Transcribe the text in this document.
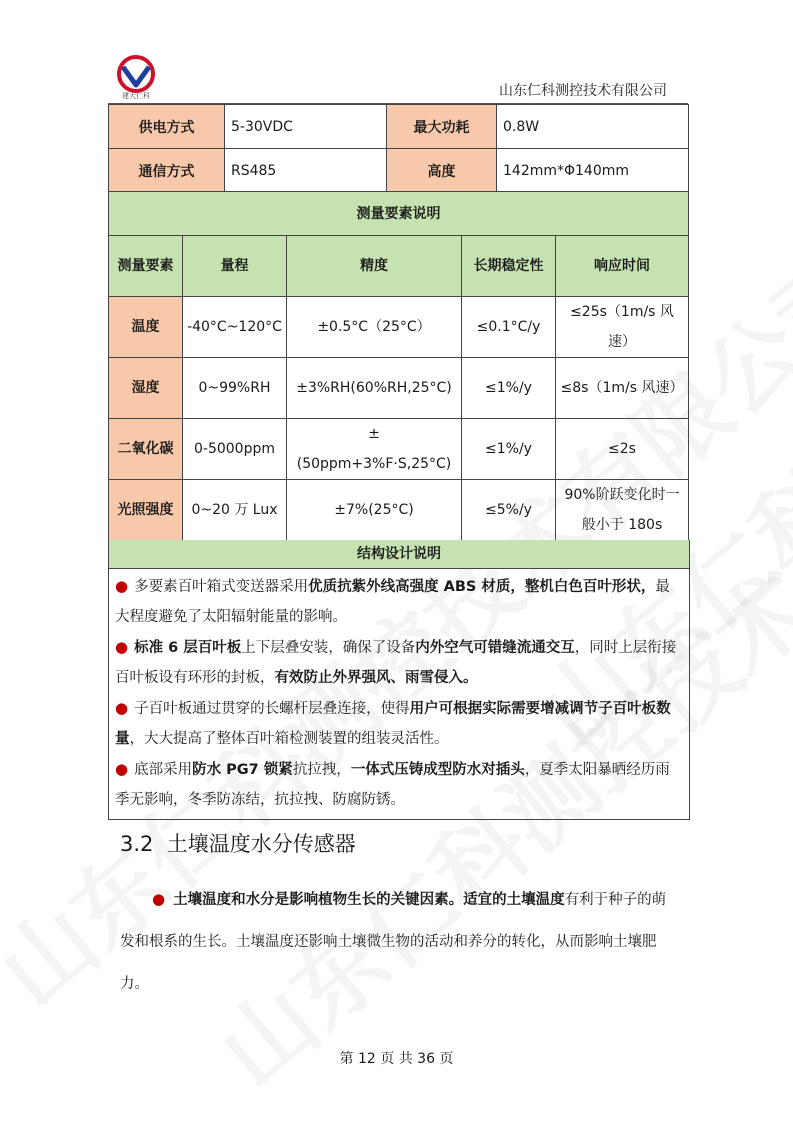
建大仁科	山东仁科测控技术有限公司
供电方式	5-30VDC	最大功耗	0.8W
通信方式	RS485	高度	142mm*Φ140mm
测量要素说明				
测量要素	量程	精度	长期稳定性	响应时间
温度	-40°C~120°C	±0.5°C（25°C）	≤0.1°C/y	≤25s（1m/s 风速）
湿度	0~99%RH	±3%RH(60%RH,25°C)	≤1%/y	≤8s（1m/s 风速）
二氧化碳	0-5000ppm	±(50ppm+3%F·S,25°C)	≤1%/y	≤2s
光照强度	0~20 万 Lux	±7%(25°C)	≤5%/y	90%阶跃变化时一般小于 180s
结构设计说明

● 多要素百叶箱式变送器采用优质抗紫外线高强度 ABS 材质，整机白色百叶形状，最大程度避免了太阳辐射能量的影响。

● 标准 6 层百叶板上下层叠安装，确保了设备内外空气可错缝流通交互，同时上层衔接百叶板设有环形的封板，有效防止外界强风、雨雪侵入。

● 子百叶板通过贯穿的长螺杆层叠连接，使得用户可根据实际需要增减调节子百叶板数量，大大提高了整体百叶箱检测装置的组装灵活性。

● 底部采用防水 PG7 锁紧抗拉拽，一体式压铸成型防水对插头，夏季太阳暴晒经历雨季无影响，冬季防冻结，抗拉拽、防腐防锈。

3.2 土壤温度水分传感器
● 土壤温度和水分是影响植物生长的关键因素。适宜的土壤温度有利于种子的萌发和根系的生长。土壤温度还影响土壤微生物的活动和养分的转化，从而影响土壤肥力。
第 12 页 共 36 页
